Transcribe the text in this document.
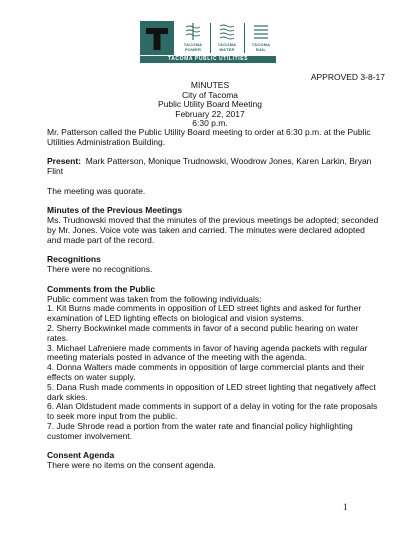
TACOMA
POWER
TACOMA
WATER
TACOMA
RAIL
TACOMA PUBLIC UTILITIES
APPROVED 3-8-17
MINUTES
City of Tacoma
Public Utility Board Meeting
February 22, 2017
6:30 p.m.

Mr. Patterson called the Public Utility Board meeting to order at 6:30 p.m. at the Public

Utilities Administration Building.

Present:  Mark Patterson, Monique Trudnowski, Woodrow Jones, Karen Larkin, Bryan

Flint

The meeting was quorate.

Minutes of the Previous Meetings

Ms. Trudnowski moved that the minutes of the previous meetings be adopted; seconded

by Mr. Jones. Voice vote was taken and carried. The minutes were declared adopted

and made part of the record.

Recognitions

There were no recognitions.

Comments from the Public

Public comment was taken from the following individuals:

1. Kit Burns made comments in opposition of LED street lights and asked for further

examination of LED lighting effects on biological and vision systems.

2. Sherry Bockwinkel made comments in favor of a second public hearing on water

rates.

3. Michael Lafreniere made comments in favor of having agenda packets with regular

meeting materials posted in advance of the meeting with the agenda.

4. Donna Walters made comments in opposition of large commercial plants and their

effects on water supply.

5. Dana Rush made comments in opposition of LED street lighting that negatively affect

dark skies.

6. Alan Oldstudent made comments in support of a delay in voting for the rate proposals

to seek more input from the public.

7. Jude Shrode read a portion from the water rate and financial policy highlighting

customer involvement.

Consent Agenda

There were no items on the consent agenda.

1
